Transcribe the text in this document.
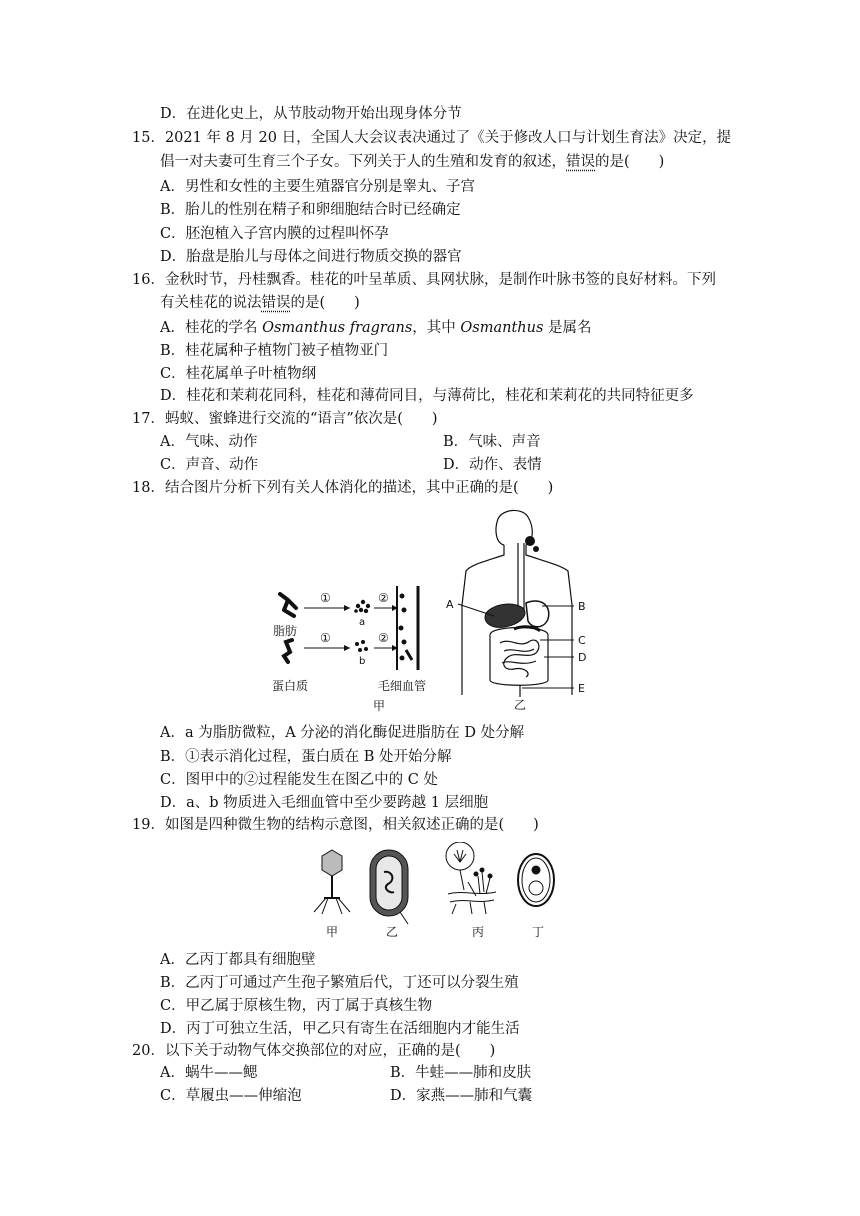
D．在进化史上，从节肢动物开始出现身体分节
15．2021 年 8 月 20 日，全国人大会议表决通过了《关于修改人口与计划生育法》决定，提
倡一对夫妻可生育三个子女。下列关于人的生殖和发育的叙述，错误的是(　　)
A．男性和女性的主要生殖器官分别是睾丸、子宫
B．胎儿的性别在精子和卵细胞结合时已经确定
C．胚泡植入子宫内膜的过程叫怀孕
D．胎盘是胎儿与母体之间进行物质交换的器官
16．金秋时节，丹桂飘香。桂花的叶呈革质、具网状脉，是制作叶脉书签的良好材料。下列
有关桂花的说法错误的是(　　)
A．桂花的学名 Osmanthus fragrans，其中 Osmanthus 是属名
B．桂花属种子植物门被子植物亚门
C．桂花属单子叶植物纲
D．桂花和茉莉花同科，桂花和薄荷同目，与薄荷比，桂花和茉莉花的共同特征更多
17．蚂蚁、蜜蜂进行交流的“语言”依次是(　　)
A．气味、动作	B．气味、声音
C．声音、动作	D．动作、表情
18．结合图片分析下列有关人体消化的描述，其中正确的是(　　)
脂肪
①
a
②
蛋白质
①
b
②
毛细血管
甲
A	B
C
D
E
乙
A．a 为脂肪微粒，A 分泌的消化酶促进脂肪在 D 处分解
B．①表示消化过程，蛋白质在 B 处开始分解
C．图甲中的②过程能发生在图乙中的 C 处
D．a、b 物质进入毛细血管中至少要跨越 1 层细胞
19．如图是四种微生物的结构示意图，相关叙述正确的是(　　)
甲	乙	丙	丁
A．乙丙丁都具有细胞壁
B．乙丙丁可通过产生孢子繁殖后代，丁还可以分裂生殖
C．甲乙属于原核生物，丙丁属于真核生物
D．丙丁可独立生活，甲乙只有寄生在活细胞内才能生活
20．以下关于动物气体交换部位的对应，正确的是(　　)
A．蜗牛——鳃	B．牛蛙——肺和皮肤
C．草履虫——伸缩泡	D．家燕——肺和气囊
